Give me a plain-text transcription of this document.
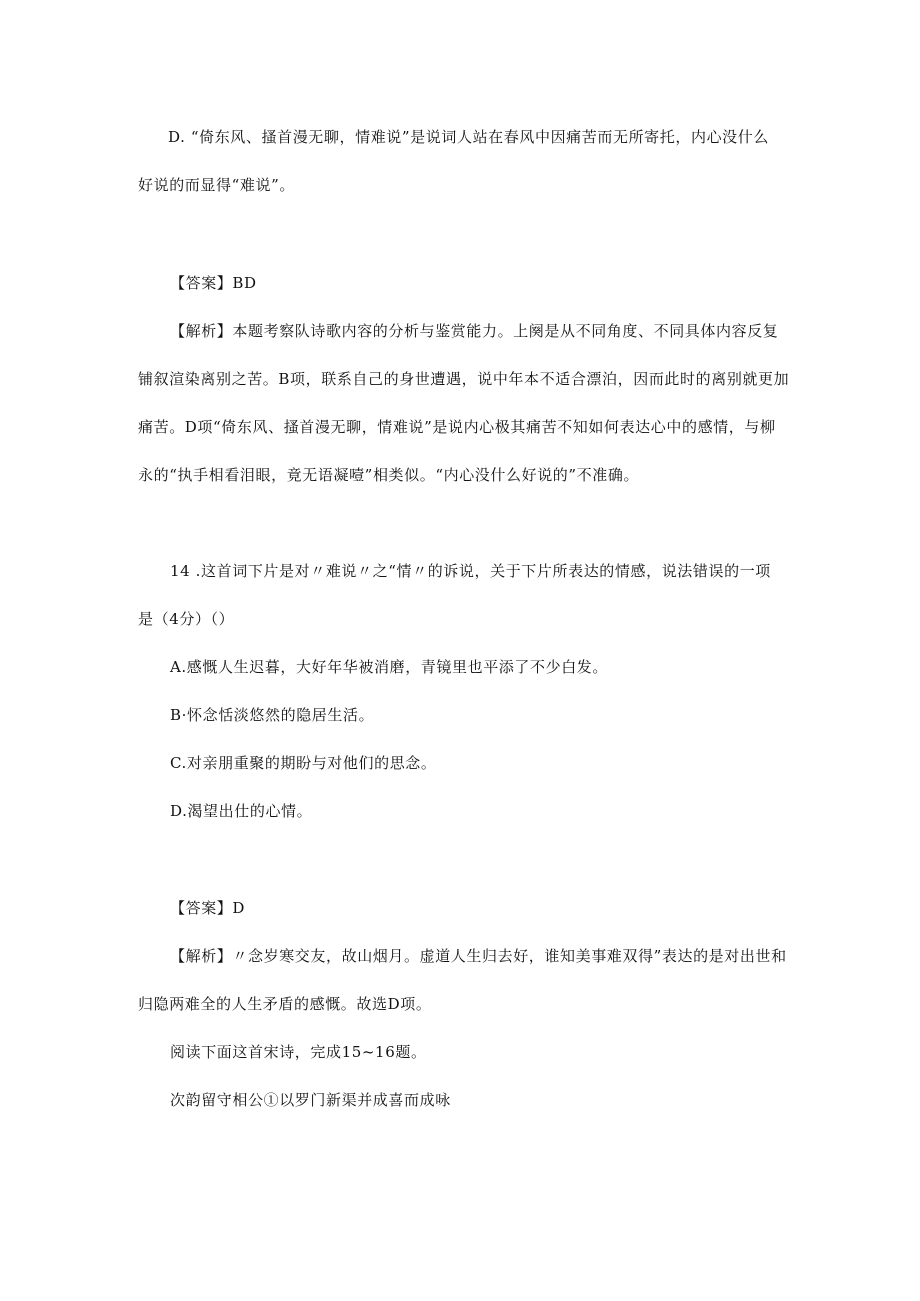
D. “倚东风、搔首漫无聊，情难说”是说词人站在春风中因痛苦而无所寄托，内心没什么
好说的而显得“难说”。
【答案】BD
【解析】本题考察队诗歌内容的分析与鉴赏能力。上阕是从不同角度、不同具体内容反复
铺叙渲染离别之苦。B项，联系自己的身世遭遇，说中年本不适合漂泊，因而此时的离别就更加
痛苦。D项“倚东风、搔首漫无聊，情难说”是说内心极其痛苦不知如何表达心中的感情，与柳
永的“执手相看泪眼，竟无语凝噎”相类似。“内心没什么好说的”不准确。
14 .这首词下片是对〃难说〃之“情〃的诉说，关于下片所表达的情感，说法错误的一项
是（4分）（）
A.感慨人生迟暮，大好年华被消磨，青镜里也平添了不少白发。
B·怀念恬淡悠然的隐居生活。
C.对亲朋重聚的期盼与对他们的思念。
D.渴望出仕的心情。
【答案】D
【解析】〃念岁寒交友，故山烟月。虚道人生归去好，谁知美事难双得”表达的是对出世和
归隐两难全的人生矛盾的感慨。故选D项。
阅读下面这首宋诗，完成15~16题。
次韵留守相公①以罗门新渠并成喜而成咏
